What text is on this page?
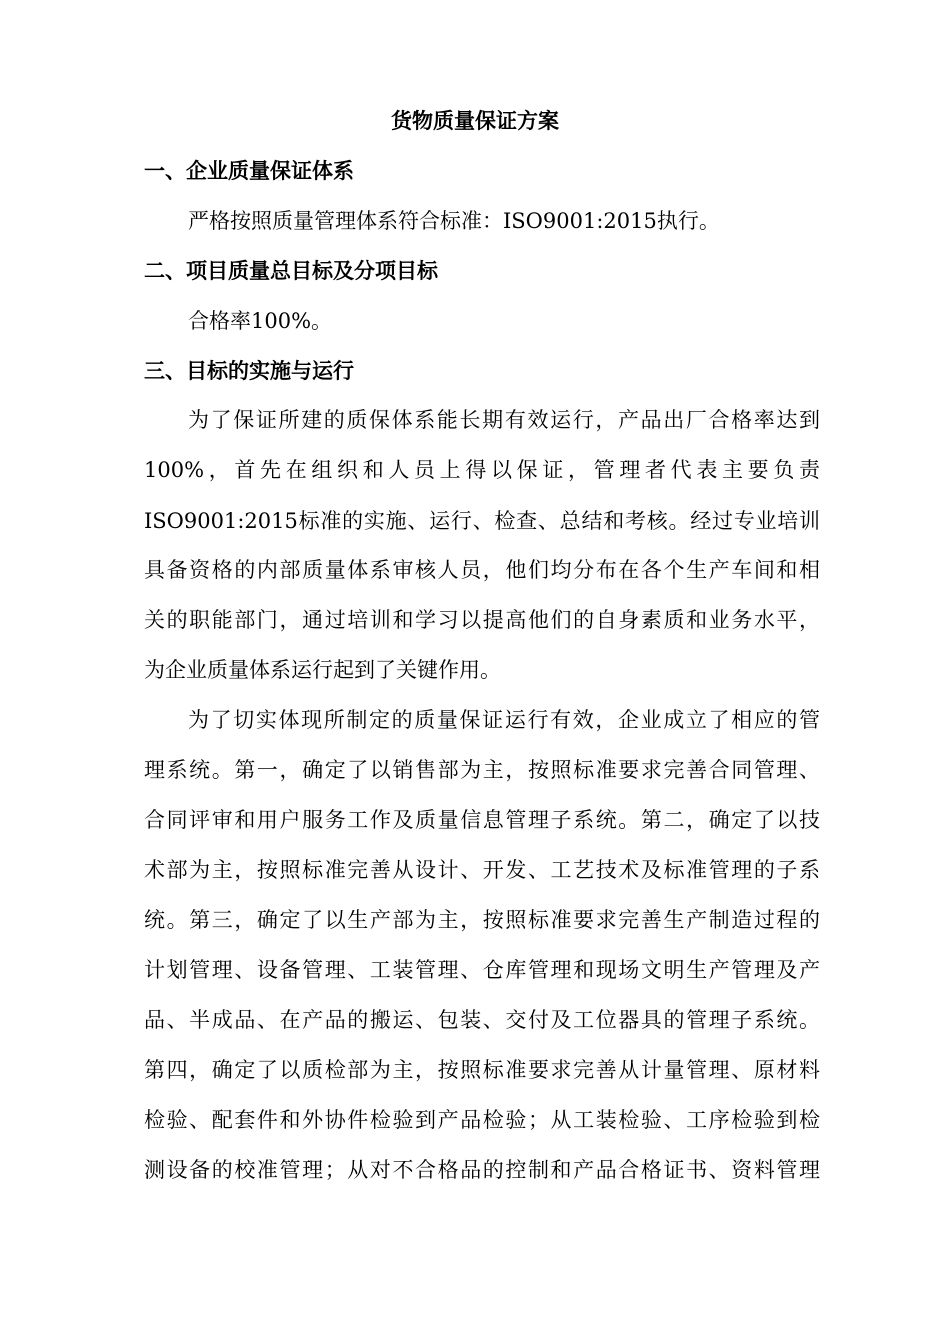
货物质量保证方案
一、企业质量保证体系
严格按照质量管理体系符合标准：ISO9001:2015执行。
二、项目质量总目标及分项目标
合格率100%。
三、目标的实施与运行
为了保证所建的质保体系能长期有效运行，产品出厂合格率达到
100%，首先在组织和人员上得以保证，管理者代表主要负责
ISO9001:2015标准的实施、运行、检查、总结和考核。经过专业培训
具备资格的内部质量体系审核人员，他们均分布在各个生产车间和相
关的职能部门，通过培训和学习以提高他们的自身素质和业务水平，
为企业质量体系运行起到了关键作用。
为了切实体现所制定的质量保证运行有效，企业成立了相应的管
理系统。第一，确定了以销售部为主，按照标准要求完善合同管理、
合同评审和用户服务工作及质量信息管理子系统。第二，确定了以技
术部为主，按照标准完善从设计、开发、工艺技术及标准管理的子系
统。第三，确定了以生产部为主，按照标准要求完善生产制造过程的
计划管理、设备管理、工装管理、仓库管理和现场文明生产管理及产
品、半成品、在产品的搬运、包装、交付及工位器具的管理子系统。
第四，确定了以质检部为主，按照标准要求完善从计量管理、原材料
检验、配套件和外协件检验到产品检验；从工装检验、工序检验到检
测设备的校准管理；从对不合格品的控制和产品合格证书、资料管理
